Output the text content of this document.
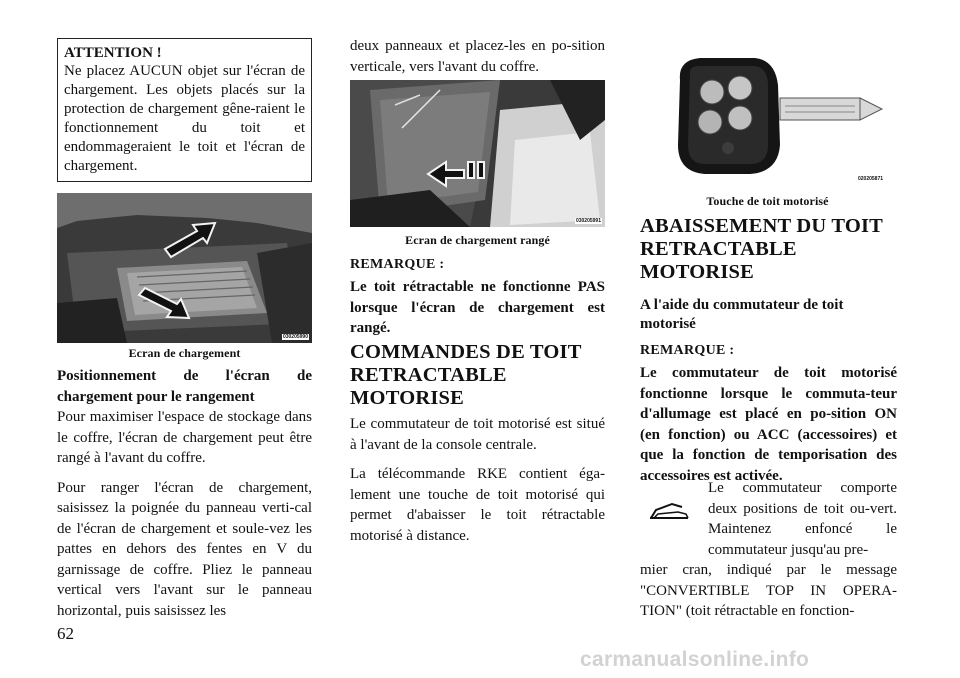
ATTENTION !
Ne placez AUCUN objet sur l'écran de chargement. Les objets placés sur la protection de chargement gêne-raient le fonctionnement du toit et endommageraient le toit et l'écran de chargement.
030205990
Ecran de chargement

Positionnement de l'écran de chargement pour le rangement

Pour maximiser l'espace de stockage dans le coffre, l'écran de chargement peut être rangé à l'avant du coffre.

Pour ranger l'écran de chargement, saisissez la poignée du panneau verti-cal de l'écran de chargement et soule-vez les pattes en dehors des fentes en V du garnissage de coffre. Pliez le panneau vertical vers l'avant sur le panneau horizontal, puis saisissez les

deux panneaux et placez-les en po-sition verticale, vers l'avant du coffre.

030205991
Ecran de chargement rangé

REMARQUE :

Le toit rétractable ne fonctionne PAS lorsque l'écran de chargement est rangé.

COMMANDES DE TOIT RETRACTABLE MOTORISE

Le commutateur de toit motorisé est situé à l'avant de la console centrale.

La télécommande RKE contient éga-lement une touche de toit motorisé qui permet d'abaisser le toit rétractable motorisé à distance.

020205871
Touche de toit motorisé

ABAISSEMENT DU TOIT RETRACTABLE MOTORISE

A l'aide du commutateur de toit motorisé

REMARQUE :

Le commutateur de toit motorisé fonctionne lorsque le commuta-teur d'allumage est placé en po-sition ON (en fonction) ou ACC (accessoires) et que la fonction de temporisation des accessoires est activée.

Le commutateur comporte deux positions de toit ou-vert. Maintenez enfoncé le commutateur jusqu'au pre-

mier cran, indiqué par le message "CONVERTIBLE TOP IN OPERA-TION" (toit rétractable en fonction-

62
carmanualsonline.info
